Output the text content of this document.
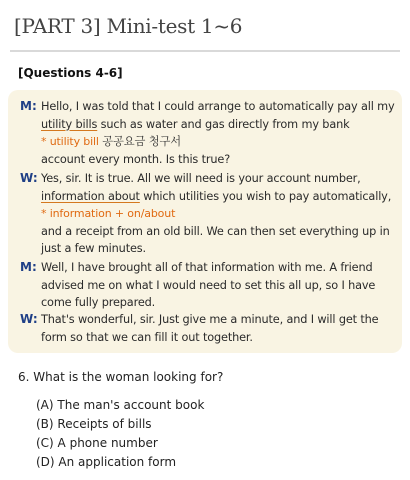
[PART 3] Mini-test 1~6
[Questions 4-6]
M: Hello, I was told that I could arrange to automatically pay all my
utility bills such as water and gas directly from my bank
* utility bill 공공요금 청구서
account every month. Is this true?
W: Yes, sir. It is true. All we will need is your account number,
information about which utilities you wish to pay automatically,
* information + on/about
and a receipt from an old bill. We can then set everything up in
just a few minutes.
M: Well, I have brought all of that information with me. A friend
advised me on what I would need to set this all up, so I have
come fully prepared.
W: That's wonderful, sir. Just give me a minute, and I will get the
form so that we can fill it out together.
6. What is the woman looking for?
(A) The man's account book
(B) Receipts of bills
(C) A phone number
(D) An application form
